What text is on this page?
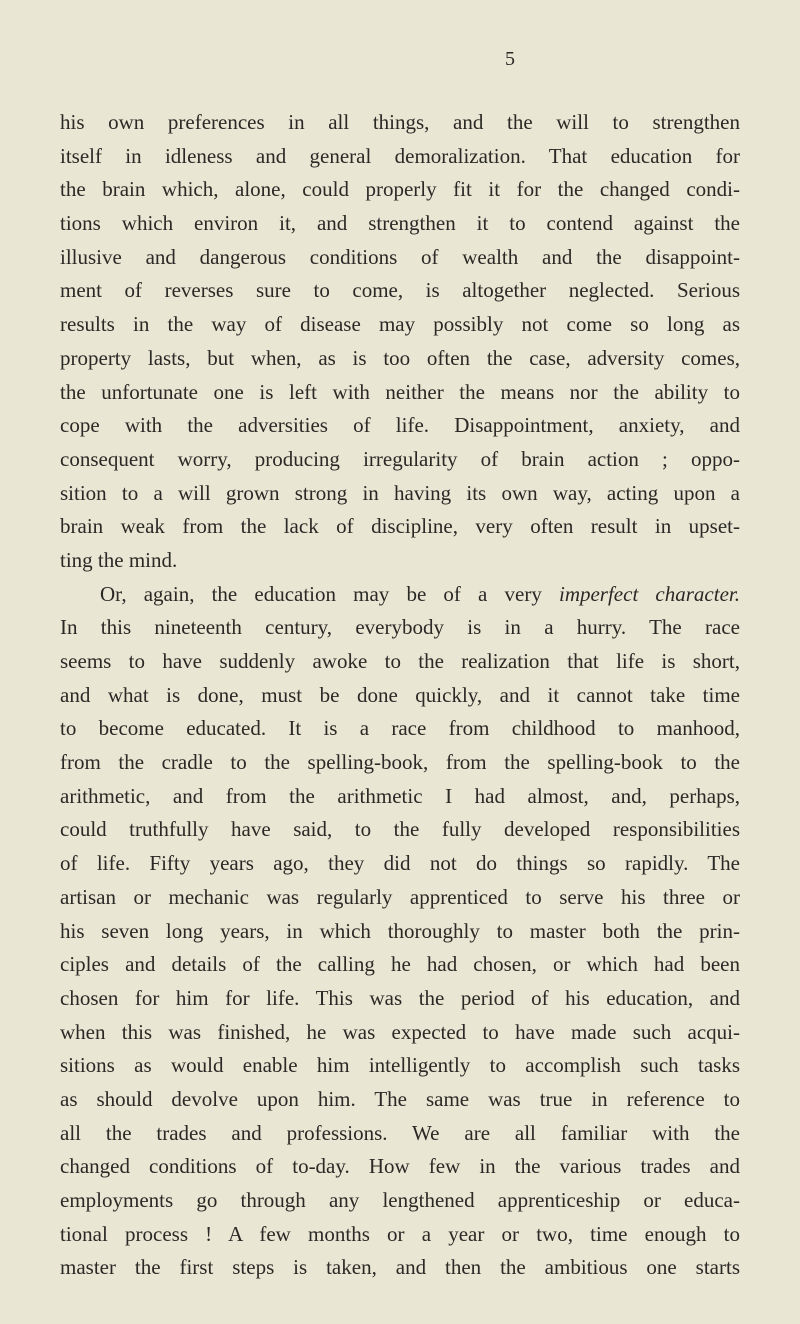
5
his own preferences in all things, and the will to strengthen
itself in idleness and general demoralization. That education for
the brain which, alone, could properly fit it for the changed condi-
tions which environ it, and strengthen it to contend against the
illusive and dangerous conditions of wealth and the disappoint-
ment of reverses sure to come, is altogether neglected. Serious
results in the way of disease may possibly not come so long as
property lasts, but when, as is too often the case, adversity comes,
the unfortunate one is left with neither the means nor the ability to
cope with the adversities of life. Disappointment, anxiety, and
consequent worry, producing irregularity of brain action ; oppo-
sition to a will grown strong in having its own way, acting upon a
brain weak from the lack of discipline, very often result in upset-
ting the mind.
Or, again, the education may be of a very imperfect character.
In this nineteenth century, everybody is in a hurry. The race
seems to have suddenly awoke to the realization that life is short,
and what is done, must be done quickly, and it cannot take time
to become educated. It is a race from childhood to manhood,
from the cradle to the spelling-book, from the spelling-book to the
arithmetic, and from the arithmetic I had almost, and, perhaps,
could truthfully have said, to the fully developed responsibilities
of life. Fifty years ago, they did not do things so rapidly. The
artisan or mechanic was regularly apprenticed to serve his three or
his seven long years, in which thoroughly to master both the prin-
ciples and details of the calling he had chosen, or which had been
chosen for him for life. This was the period of his education, and
when this was finished, he was expected to have made such acqui-
sitions as would enable him intelligently to accomplish such tasks
as should devolve upon him. The same was true in reference to
all the trades and professions. We are all familiar with the
changed conditions of to-day. How few in the various trades and
employments go through any lengthened apprenticeship or educa-
tional process ! A few months or a year or two, time enough to
master the first steps is taken, and then the ambitious one starts
